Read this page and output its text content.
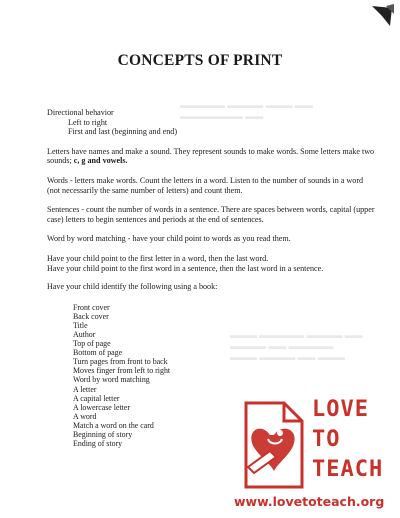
▬▬▬▬▬ ▬▬▬▬ ▬▬▬ ▬▬
▬▬▬▬▬▬▬ ▬▬
▬▬▬ ▬▬▬▬▬ ▬▬▬▬ ▬▬
▬▬▬▬ ▬▬ ▬▬▬▬▬
▬▬▬ ▬▬▬▬ ▬▬ ▬▬▬
CONCEPTS OF PRINT

Directional behavior

Left to right

First and last (beginning and end)

Letters have names and make a sound. They represent sounds to make words. Some letters make two sounds; c, g and vowels.

Words - letters make words. Count the letters in a word. Listen to the number of sounds in a word (not necessarily the same number of letters) and count them.

Sentences - count the number of words in a sentence. There are spaces between words, capital (upper case) letters to begin sentences and periods at the end of sentences.

Word by word matching - have your child point to words as you read them.

Have your child point to the first letter in a word, then the last word.

Have your child point to the first word in a sentence, then the last word in a sentence.

Have your child identify the following using a book:

Front cover
Back cover
Title
Author
Top of page
Bottom of page
Turn pages from front to back
Moves finger from left to right
Word by word matching
A letter
A capital letter
A lowercase letter
A word
Match a word on the card
Beginning of story
Ending of story
LOVE
TO
TEACH
www.lovetoteach.org
